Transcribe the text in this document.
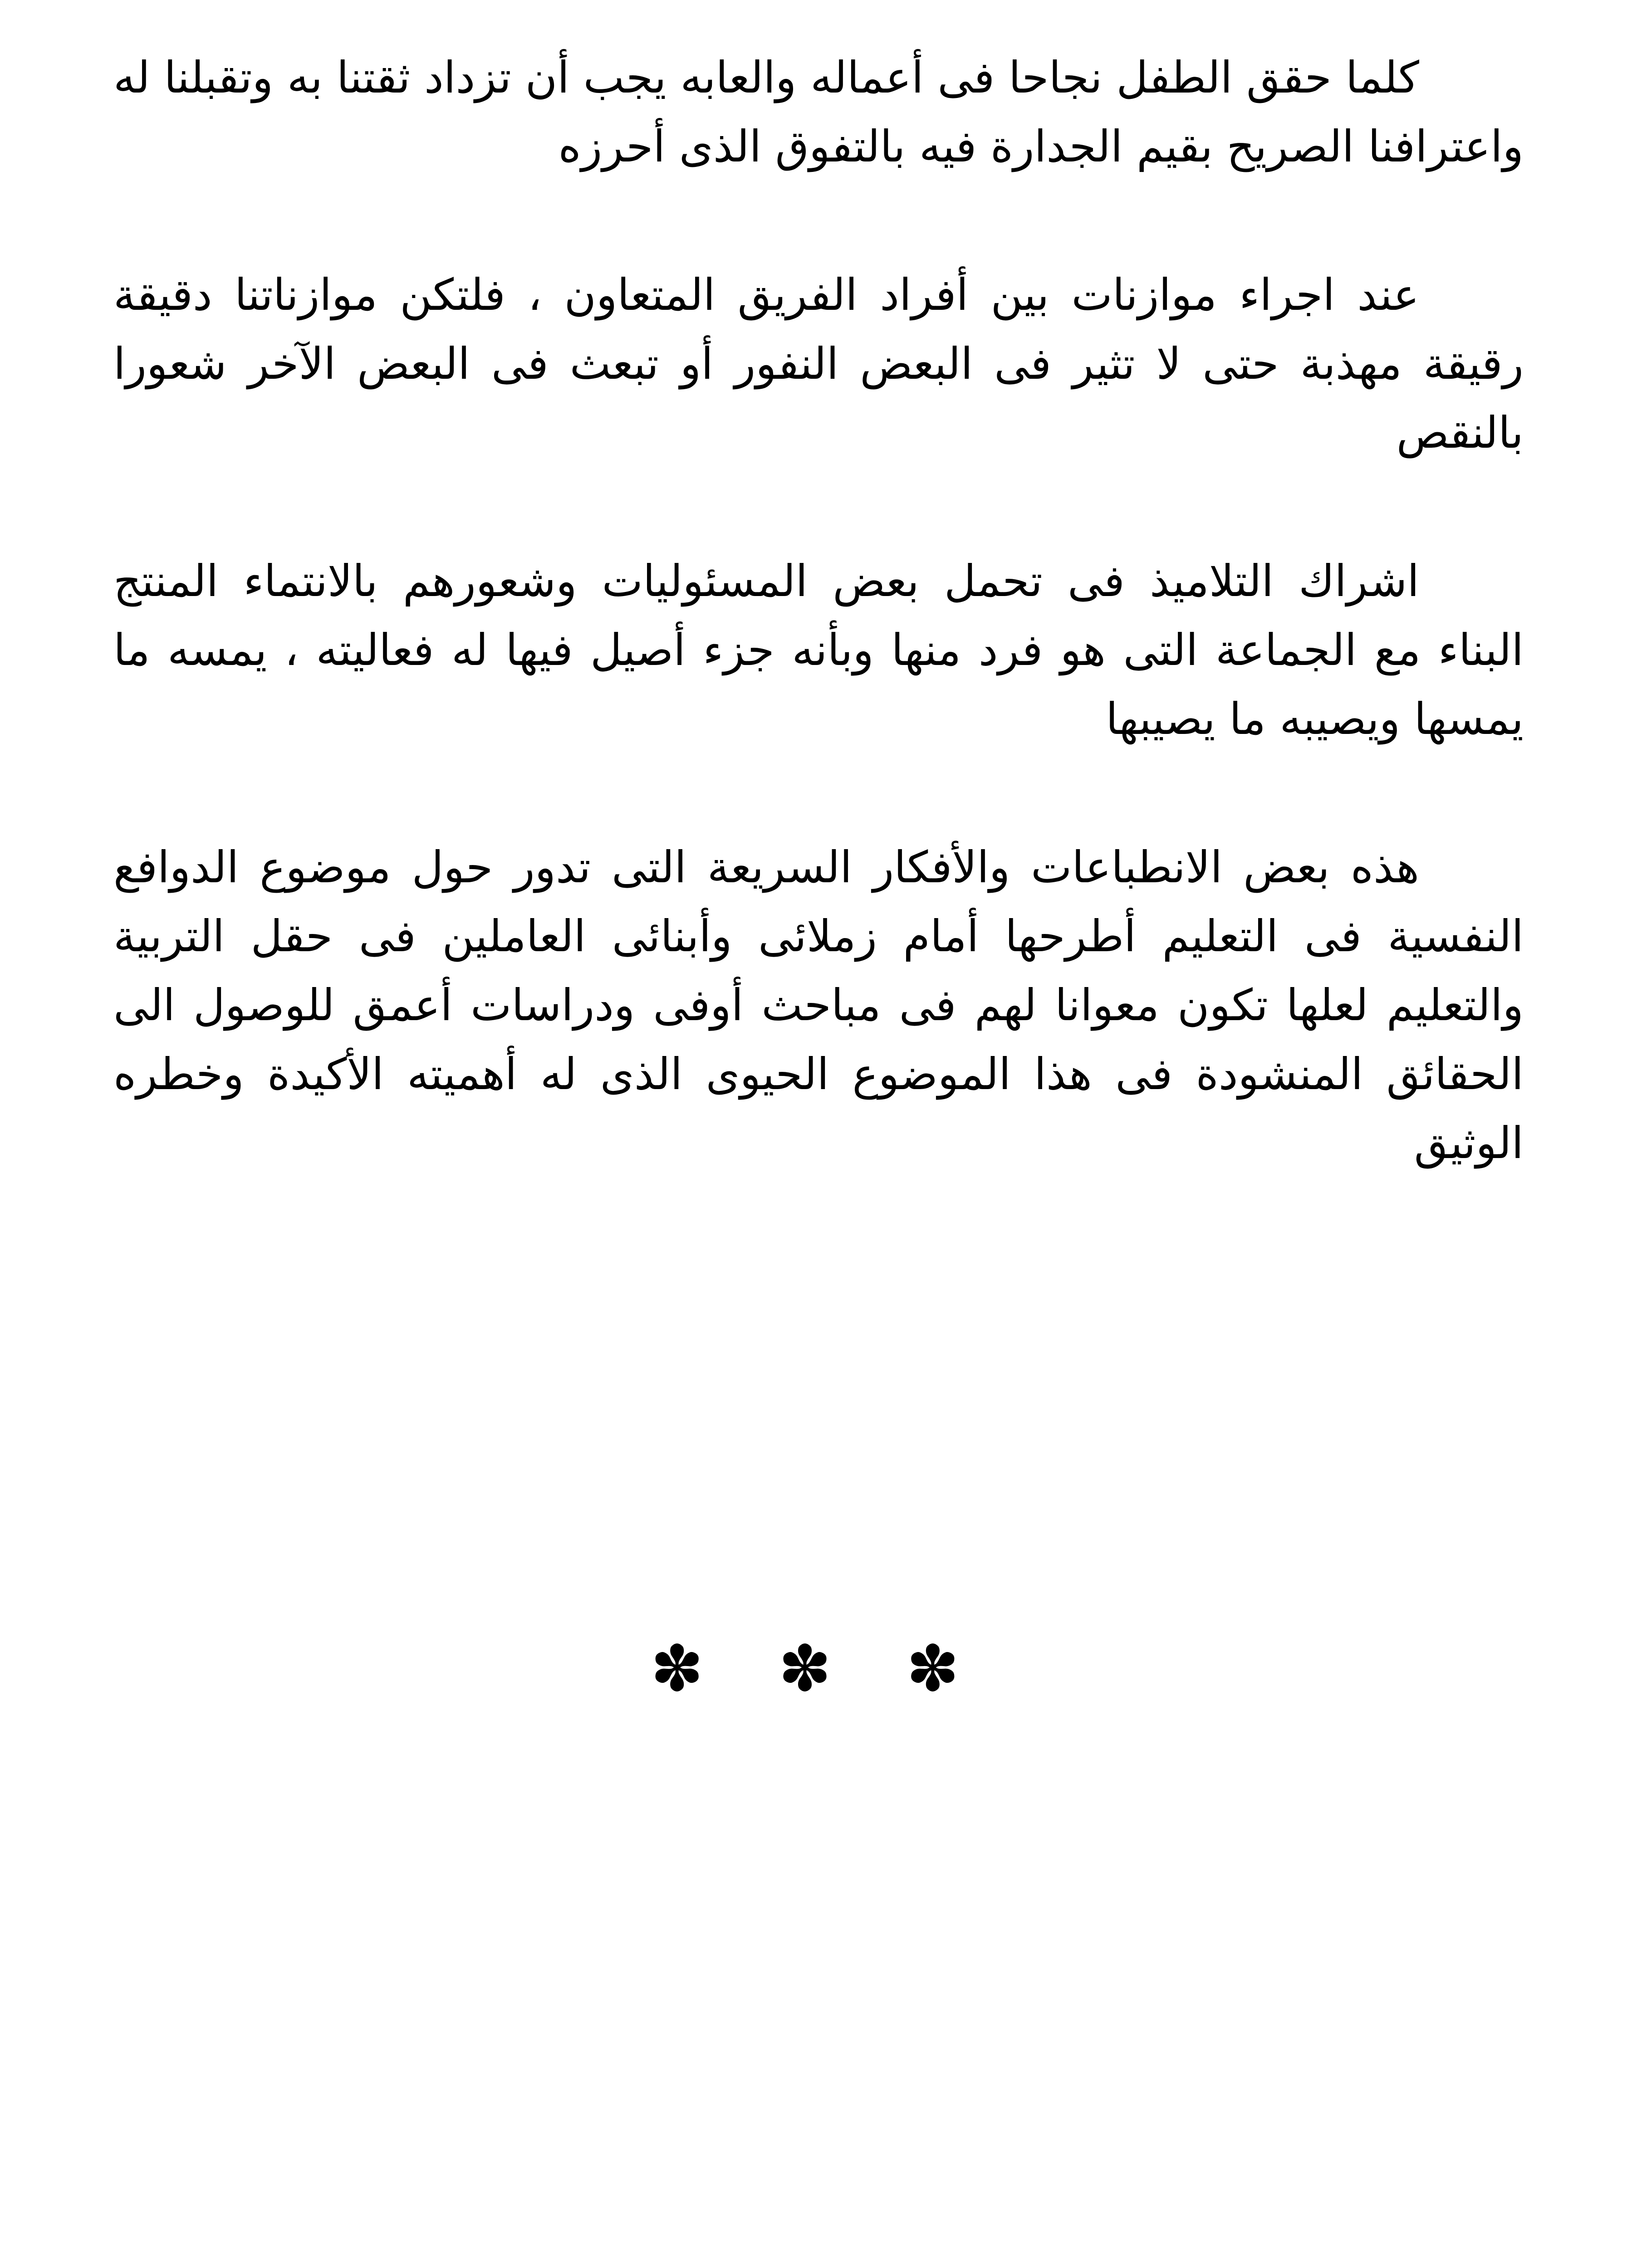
كلما حقق الطفل نجاحا فى أعماله والعابه يجب أن تزداد ثقتنا به وتقبلنا له واعترافنا الصريح بقيم الجدارة فيه بالتفوق الذى أحرزه

عند اجراء موازنات بين أفراد الفريق المتعاون ، فلتكن موازناتنا دقيقة رقيقة مهذبة حتى لا تثير فى البعض النفور أو تبعث فى البعض الآخر شعورا بالنقص

اشراك التلاميذ فى تحمل بعض المسئوليات وشعورهم بالانتماء المنتج البناء مع الجماعة التى هو فرد منها وبأنه جزء أصيل فيها له فعاليته ، يمسه ما يمسها ويصيبه ما يصيبها

هذه بعض الانطباعات والأفكار السريعة التى تدور حول موضوع الدوافع النفسية فى التعليم أطرحها أمام زملائى وأبنائى العاملين فى حقل التربية والتعليم لعلها تكون معوانا لهم فى مباحث أوفى ودراسات أعمق للوصول الى الحقائق المنشودة فى هذا الموضوع الحيوى الذى له أهميته الأكيدة وخطره الوثيق

✽ ✽ ✽
